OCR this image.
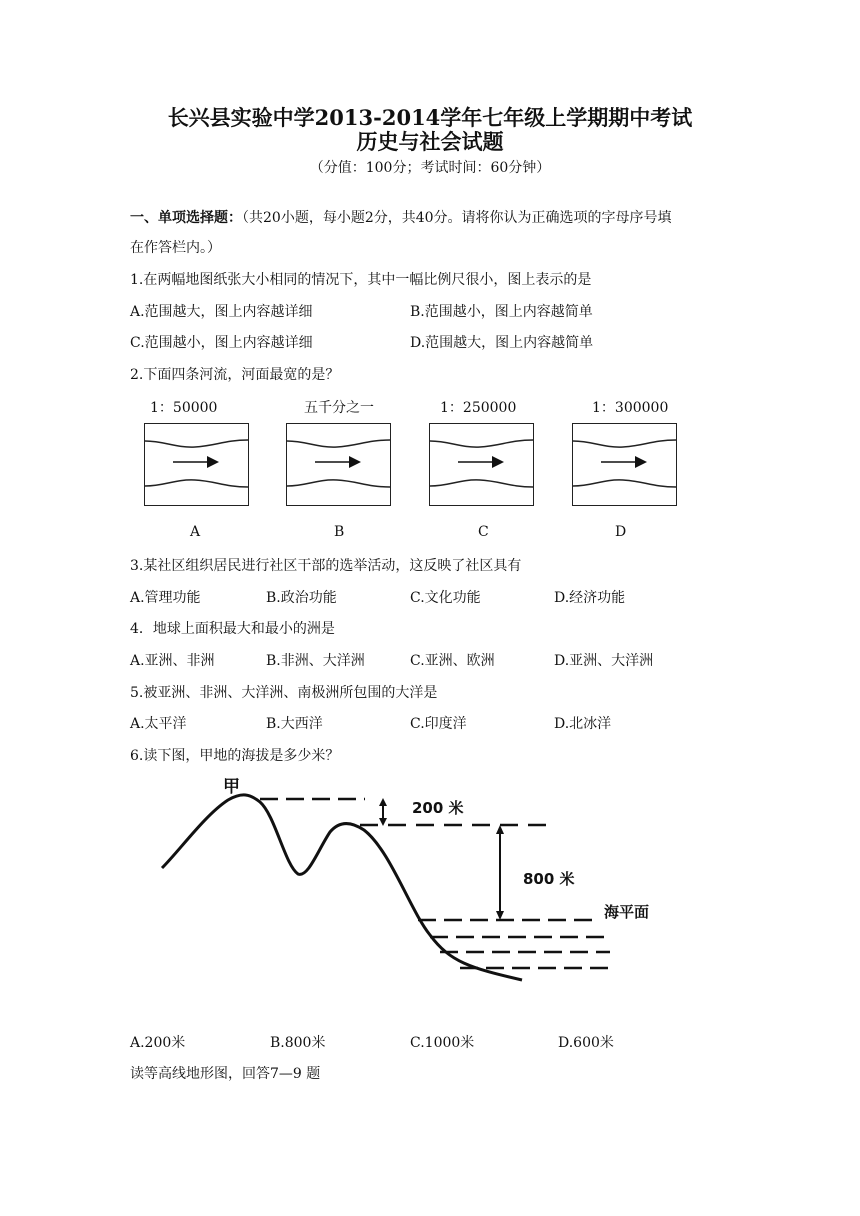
长兴县实验中学2013-2014学年七年级上学期期中考试
历史与社会试题
（分值：100分；考试时间：60分钟）
一、单项选择题：（共20小题，每小题2分，共40分。请将你认为正确选项的字母序号填
在作答栏内。）
1.在两幅地图纸张大小相同的情况下，其中一幅比例尺很小，图上表示的是
A.范围越大，图上内容越详细	B.范围越小，图上内容越简单
C.范围越小，图上内容越详细	D.范围越大，图上内容越简单
2.下面四条河流，河面最宽的是？
1：50000	五千分之一	1：250000	1：300000
A	B	C	D
3.某社区组织居民进行社区干部的选举活动，这反映了社区具有
A.管理功能	B.政治功能	C.文化功能	D.经济功能
4．地球上面积最大和最小的洲是
A.亚洲、非洲	B.非洲、大洋洲	C.亚洲、欧洲	D.亚洲、大洋洲
5.被亚洲、非洲、大洋洲、南极洲所包围的大洋是
A.太平洋	B.大西洋	C.印度洋	D.北冰洋
6.读下图，甲地的海拔是多少米？
甲
200 米
800 米
海平面
A.200米	B.800米	C.1000米	D.600米
读等高线地形图，回答7—9 题
